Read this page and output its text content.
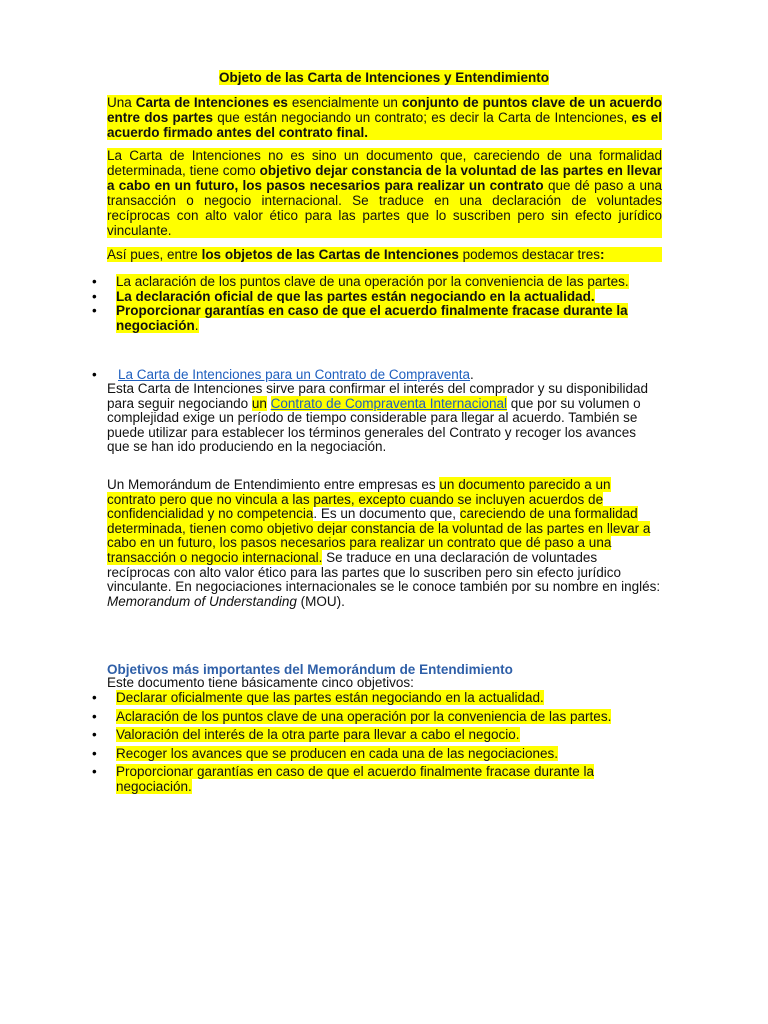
Objeto de las Carta de Intenciones y Entendimiento
Una Carta de Intenciones es esencialmente un conjunto de puntos clave de un acuerdo entre dos partes que están negociando un contrato; es decir la Carta de Intenciones, es el acuerdo firmado antes del contrato final.
La Carta de Intenciones no es sino un documento que, careciendo de una formalidad determinada, tiene como objetivo dejar constancia de la voluntad de las partes en llevar a cabo en un futuro, los pasos necesarios para realizar un contrato que dé paso a una transacción o negocio internacional. Se traduce en una declaración de voluntades recíprocas con alto valor ético para las partes que lo suscriben pero sin efecto jurídico vinculante.
Así pues, entre los objetos de las Cartas de Intenciones podemos destacar tres:
• La aclaración de los puntos clave de una operación por la conveniencia de las partes.
• La declaración oficial de que las partes están negociando en la actualidad.
• Proporcionar garantías en caso de que el acuerdo finalmente fracase durante la negociación.
• La Carta de Intenciones para un Contrato de Compraventa.
Esta Carta de Intenciones sirve para confirmar el interés del comprador y su disponibilidad para seguir negociando un Contrato de Compraventa Internacional que por su volumen o complejidad exige un período de tiempo considerable para llegar al acuerdo. También se puede utilizar para establecer los términos generales del Contrato y recoger los avances que se han ido produciendo en la negociación.
Un Memorándum de Entendimiento entre empresas es un documento parecido a un contrato pero que no vincula a las partes, excepto cuando se incluyen acuerdos de confidencialidad y no competencia. Es un documento que, careciendo de una formalidad determinada, tienen como objetivo dejar constancia de la voluntad de las partes en llevar a cabo en un futuro, los pasos necesarios para realizar un contrato que dé paso a una transacción o negocio internacional. Se traduce en una declaración de voluntades recíprocas con alto valor ético para las partes que lo suscriben pero sin efecto jurídico vinculante. En negociaciones internacionales se le conoce también por su nombre en inglés: Memorandum of Understanding (MOU).
Objetivos más importantes del Memorándum de Entendimiento
Este documento tiene básicamente cinco objetivos:
• Declarar oficialmente que las partes están negociando en la actualidad.
• Aclaración de los puntos clave de una operación por la conveniencia de las partes.
• Valoración del interés de la otra parte para llevar a cabo el negocio.
• Recoger los avances que se producen en cada una de las negociaciones.
• Proporcionar garantías en caso de que el acuerdo finalmente fracase durante la negociación.
